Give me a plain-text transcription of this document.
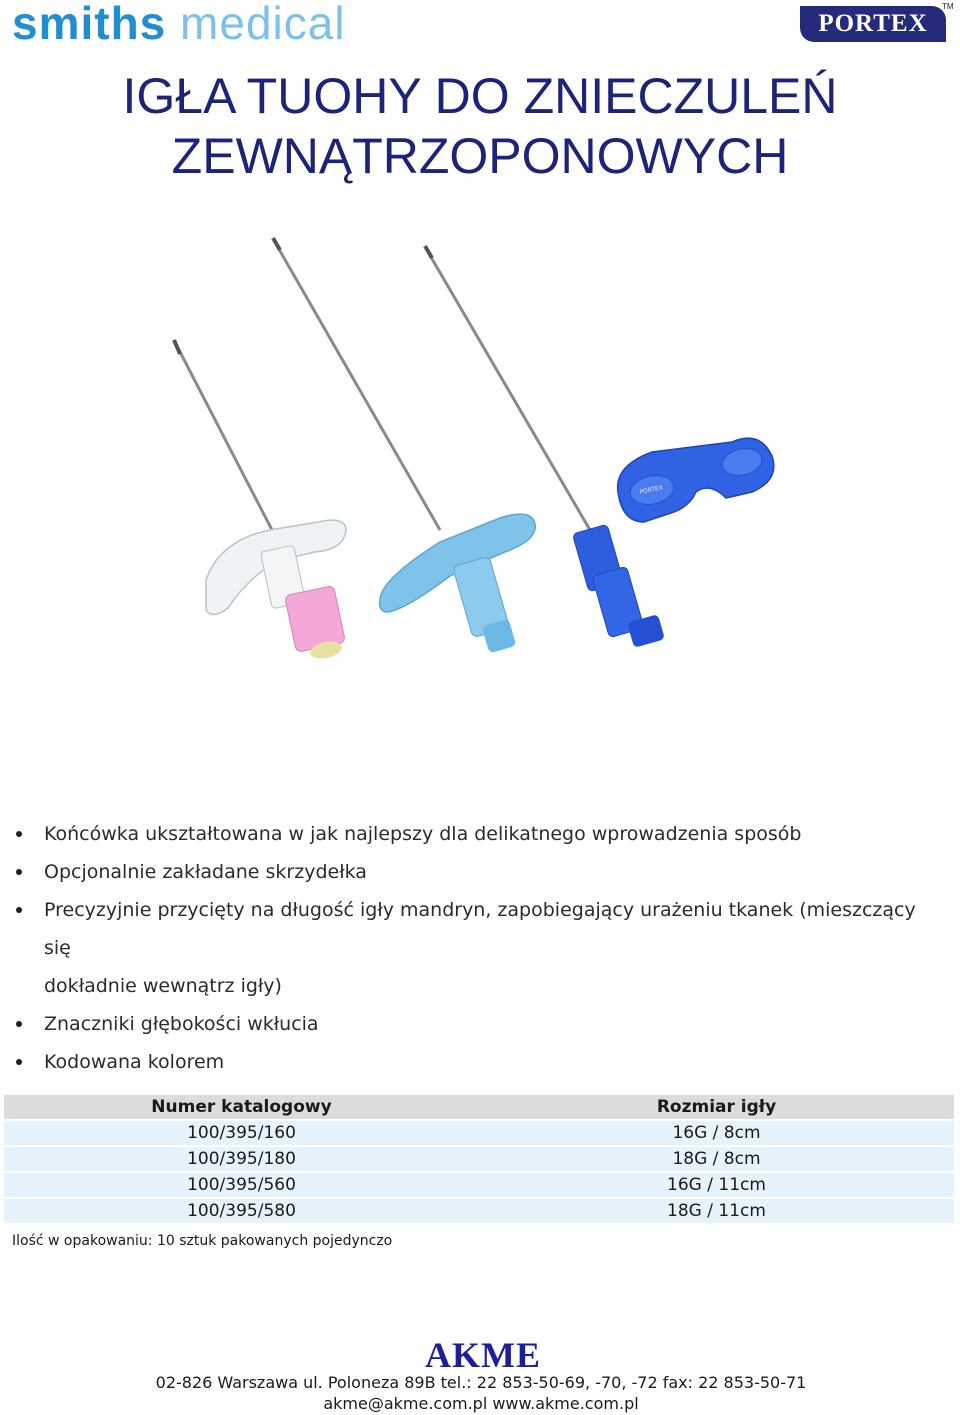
smiths medical	PORTEX
TM
IGŁA TUOHY DO ZNIECZULEŃ
ZEWNĄTRZOPONOWYCH
PORTEX
Końcówka ukształtowana w jak najlepszy dla delikatnego wprowadzenia sposób
Opcjonalnie zakładane skrzydełka
Precyzyjnie przycięty na długość igły mandryn, zapobiegający urażeniu tkanek (mieszczący się
dokładnie wewnątrz igły)
Znaczniki głębokości wkłucia
Kodowana kolorem
Numer katalogowy	Rozmiar igły
100/395/160	16G / 8cm
100/395/180	18G / 8cm
100/395/560	16G / 11cm
100/395/580	18G / 11cm
Ilość w opakowaniu: 10 sztuk pakowanych pojedynczo
AKME
02-826 Warszawa ul. Poloneza 89B tel.: 22 853-50-69, -70, -72 fax: 22 853-50-71
akme@akme.com.pl www.akme.com.pl
